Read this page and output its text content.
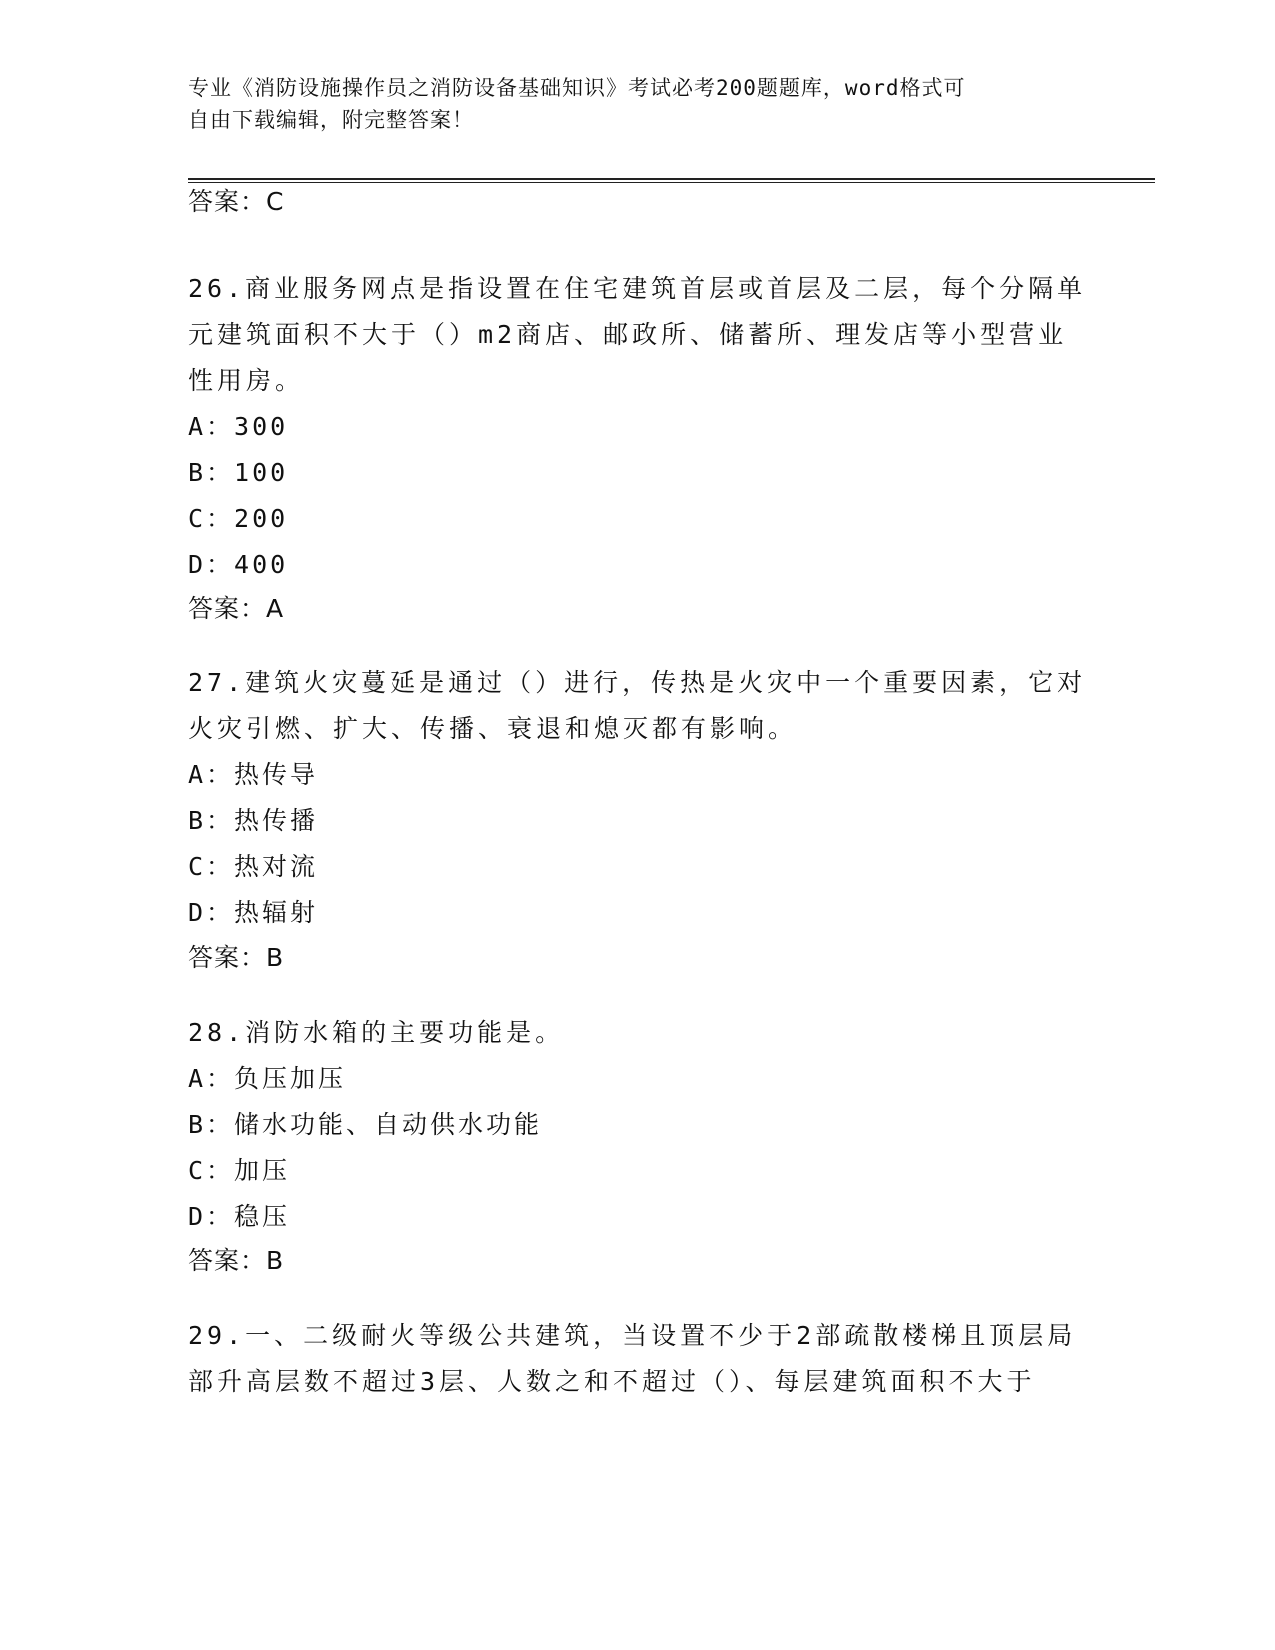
专业《消防设施操作员之消防设备基础知识》考试必考200题题库，word格式可
自由下载编辑，附完整答案！
答案：C
26.商业服务网点是指设置在住宅建筑首层或首层及二层，每个分隔单
元建筑面积不大于（）m2商店、邮政所、储蓄所、理发店等小型营业
性用房。
A：300
B：100
C：200
D：400
答案：A
27.建筑火灾蔓延是通过（）进行，传热是火灾中一个重要因素，它对
火灾引燃、扩大、传播、衰退和熄灭都有影响。
A：热传导
B：热传播
C：热对流
D：热辐射
答案：B
28.消防水箱的主要功能是。
A：负压加压
B：储水功能、自动供水功能
C：加压
D：稳压
答案：B
29.一、二级耐火等级公共建筑，当设置不少于2部疏散楼梯且顶层局
部升高层数不超过3层、人数之和不超过（）、每层建筑面积不大于
